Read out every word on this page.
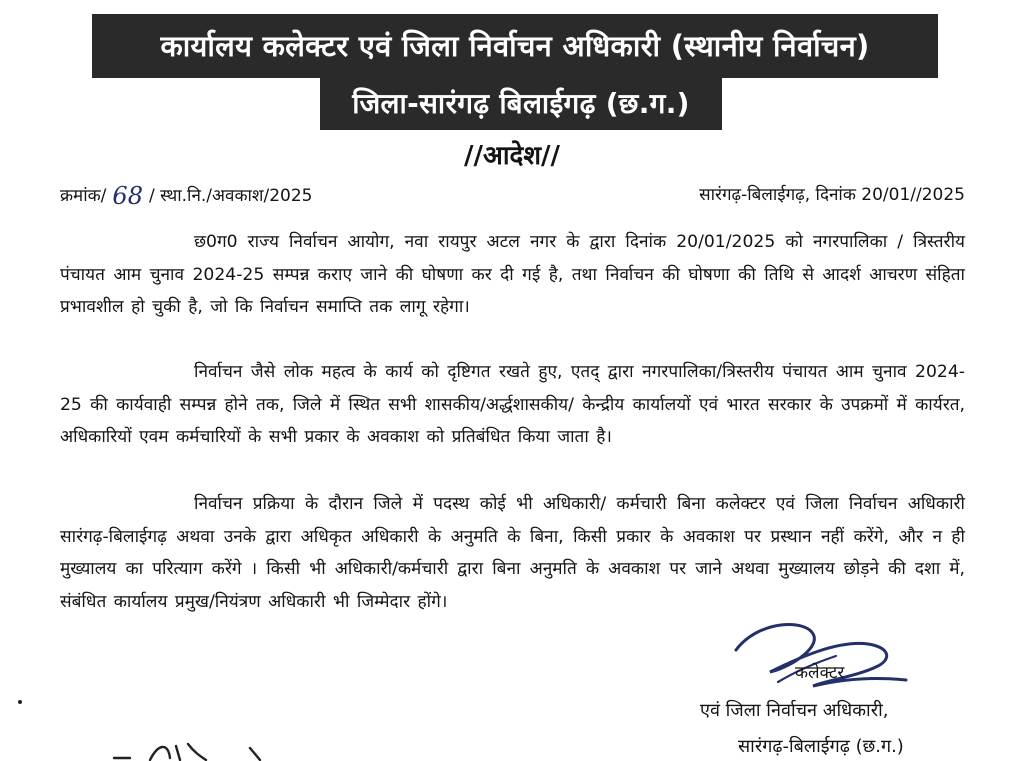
कार्यालय कलेक्टर एवं जिला निर्वाचन अधिकारी (स्थानीय निर्वाचन)
जिला-सारंगढ़ बिलाईगढ़ (छ.ग.)
//आदेश//
क्रमांक/ 68 / स्था.नि./अवकाश/2025	सारंगढ़-बिलाईगढ़, दिनांक 20/01//2025
छ0ग0 राज्य निर्वाचन आयोग, नवा रायपुर अटल नगर के द्वारा दिनांक 20/01/2025 को नगरपालिका / त्रिस्तरीय पंचायत आम चुनाव 2024-25 सम्पन्न कराए जाने की घोषणा कर दी गई है, तथा निर्वाचन की घोषणा की तिथि से आदर्श आचरण संहिता प्रभावशील हो चुकी है, जो कि निर्वाचन समाप्ति तक लागू रहेगा।
निर्वाचन जैसे लोक महत्व के कार्य को दृष्टिगत रखते हुए, एतद् द्वारा नगरपालिका/त्रिस्तरीय पंचायत आम चुनाव 2024-25 की कार्यवाही सम्पन्न होने तक, जिले में स्थित सभी शासकीय/अर्द्धशासकीय/ केन्द्रीय कार्यालयों एवं भारत सरकार के उपक्रमों में कार्यरत, अधिकारियों एवम कर्मचारियों के सभी प्रकार के अवकाश को प्रतिबंधित किया जाता है।
निर्वाचन प्रक्रिया के दौरान जिले में पदस्थ कोई भी अधिकारी/ कर्मचारी बिना कलेक्टर एवं जिला निर्वाचन अधिकारी सारंगढ़-बिलाईगढ़ अथवा उनके द्वारा अधिकृत अधिकारी के अनुमति के बिना, किसी प्रकार के अवकाश पर प्रस्थान नहीं करेंगे, और न ही मुख्यालय का परित्याग करेंगे । किसी भी अधिकारी/कर्मचारी द्वारा बिना अनुमति के अवकाश पर जाने अथवा मुख्यालय छोड़ने की दशा में, संबंधित कार्यालय प्रमुख/नियंत्रण अधिकारी भी जिम्मेदार होंगे।
कलेक्टर
एवं जिला निर्वाचन अधिकारी,
सारंगढ़-बिलाईगढ़ (छ.ग.)
